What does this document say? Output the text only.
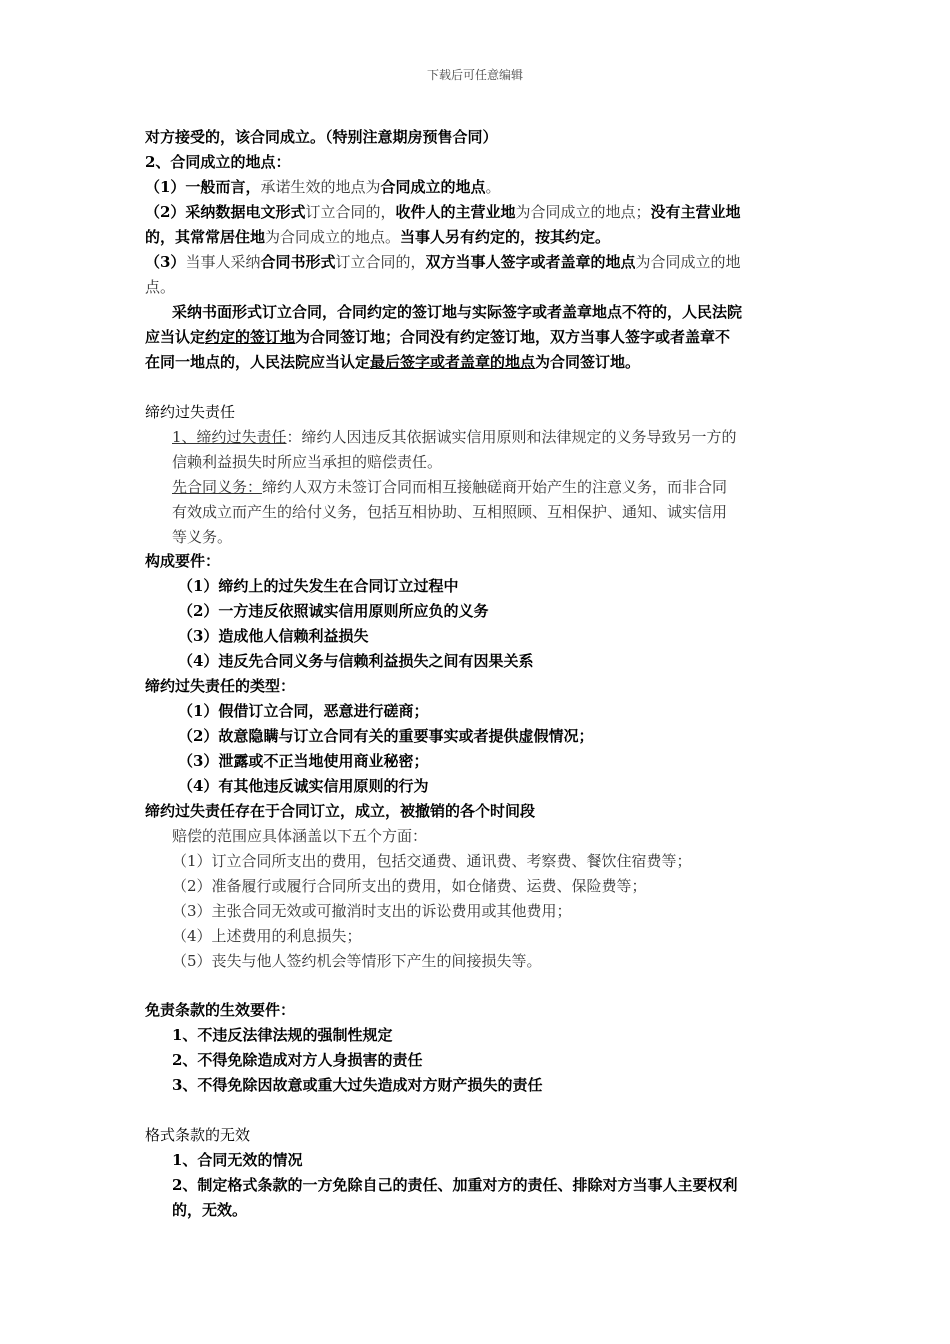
下载后可任意编辑
对方接受的，该合同成立。（特别注意期房预售合同）
2、合同成立的地点：
（1）一般而言，承诺生效的地点为合同成立的地点。
（2）采纳数据电文形式订立合同的，收件人的主营业地为合同成立的地点；没有主营业地
的，其常常居住地为合同成立的地点。当事人另有约定的，按其约定。
（3）当事人采纳合同书形式订立合同的，双方当事人签字或者盖章的地点为合同成立的地
点。
采纳书面形式订立合同，合同约定的签订地与实际签字或者盖章地点不符的，人民法院
应当认定约定的签订地为合同签订地；合同没有约定签订地，双方当事人签字或者盖章不
在同一地点的，人民法院应当认定最后签字或者盖章的地点为合同签订地。
缔约过失责任
1、缔约过失责任：缔约人因违反其依据诚实信用原则和法律规定的义务导致另一方的
信赖利益损失时所应当承担的赔偿责任。
先合同义务：缔约人双方未签订合同而相互接触磋商开始产生的注意义务，而非合同
有效成立而产生的给付义务，包括互相协助、互相照顾、互相保护、通知、诚实信用
等义务。
构成要件：
（1）缔约上的过失发生在合同订立过程中
（2）一方违反依照诚实信用原则所应负的义务
（3）造成他人信赖利益损失
（4）违反先合同义务与信赖利益损失之间有因果关系
缔约过失责任的类型：
（1）假借订立合同，恶意进行磋商；
（2）故意隐瞒与订立合同有关的重要事实或者提供虚假情况；
（3）泄露或不正当地使用商业秘密；
（4）有其他违反诚实信用原则的行为
缔约过失责任存在于合同订立，成立，被撤销的各个时间段
赔偿的范围应具体涵盖以下五个方面：
（1）订立合同所支出的费用，包括交通费、通讯费、考察费、餐饮住宿费等；
（2）准备履行或履行合同所支出的费用，如仓储费、运费、保险费等；
（3）主张合同无效或可撤消时支出的诉讼费用或其他费用；
（4）上述费用的利息损失；
（5）丧失与他人签约机会等情形下产生的间接损失等。
免责条款的生效要件：
1、不违反法律法规的强制性规定
2、不得免除造成对方人身损害的责任
3、不得免除因故意或重大过失造成对方财产损失的责任
格式条款的无效
1、合同无效的情况
2、制定格式条款的一方免除自己的责任、加重对方的责任、排除对方当事人主要权利
的，无效。
